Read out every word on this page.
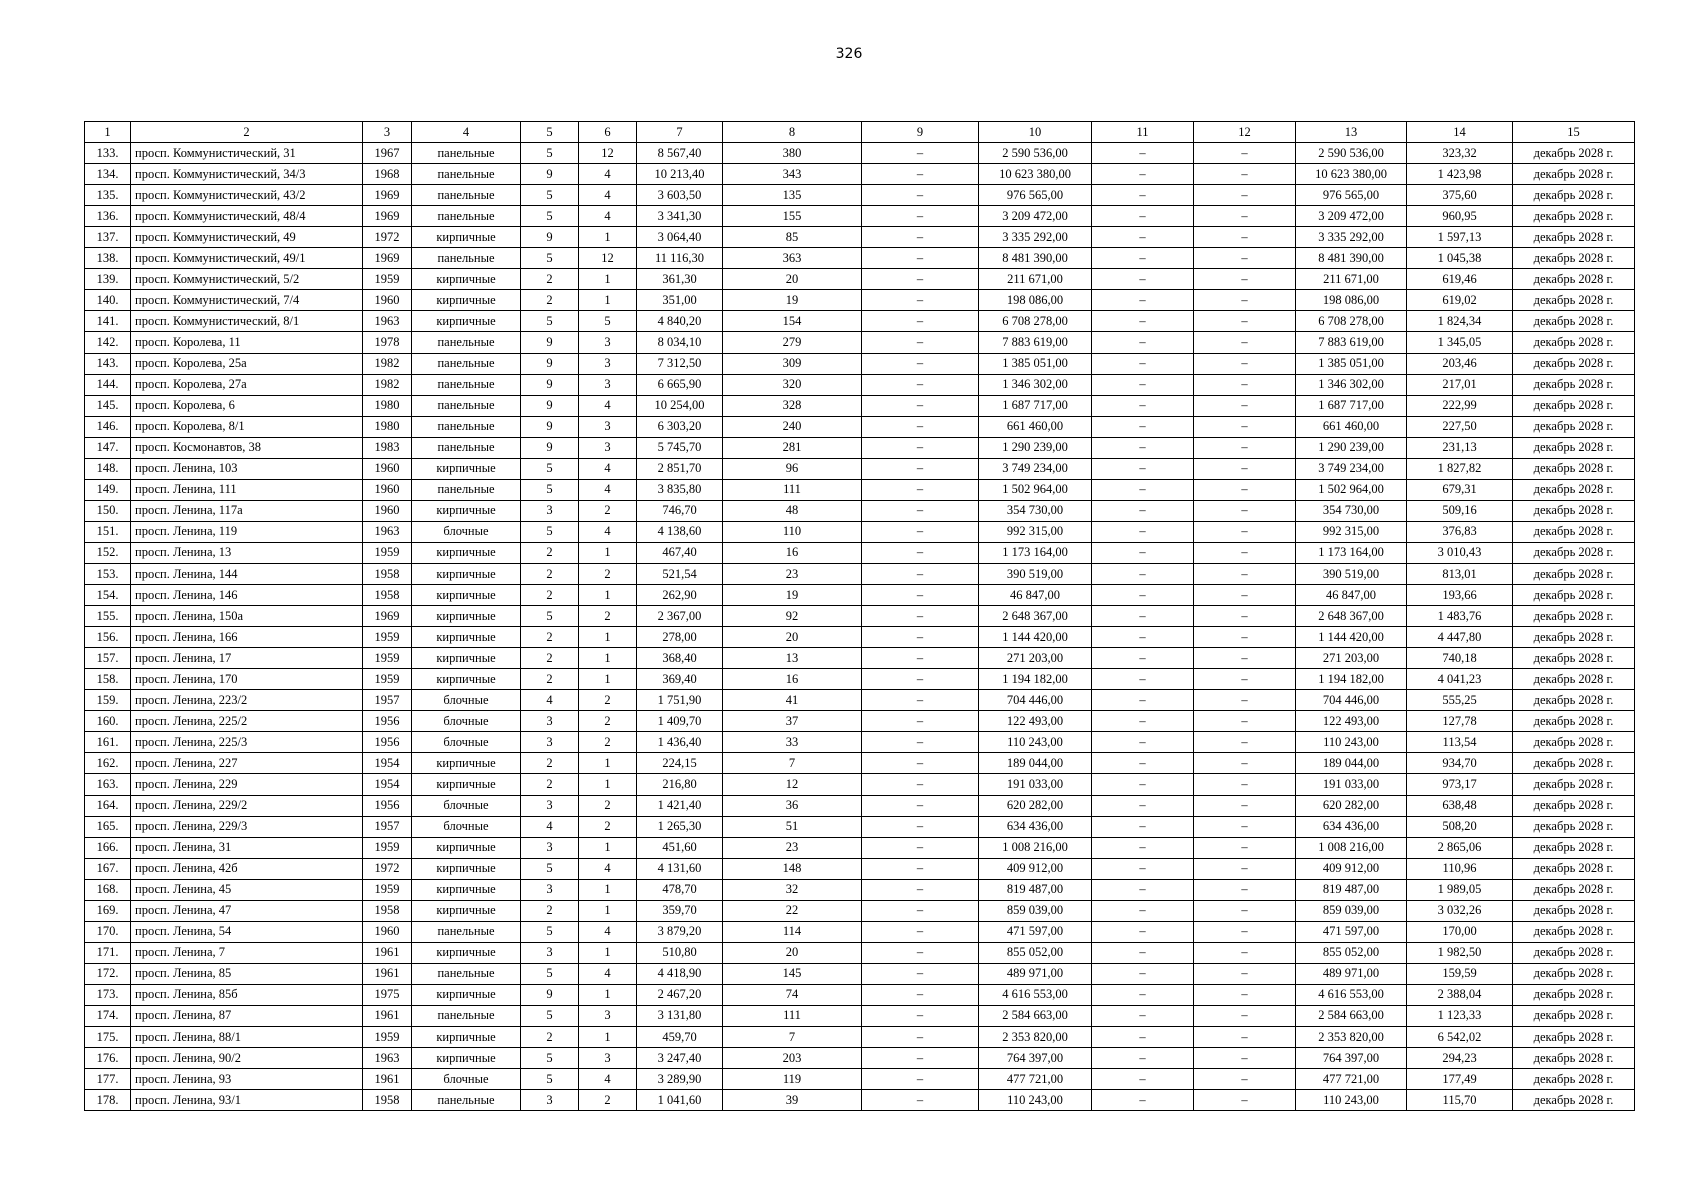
326
1	2	3	4	5	6	7	8	9	10	11	12	13	14	15
133.	просп. Коммунистический, 31	1967	панельные	5	12	8 567,40	380	–	2 590 536,00	–	–	2 590 536,00	323,32	декабрь 2028 г.
134.	просп. Коммунистический, 34/3	1968	панельные	9	4	10 213,40	343	–	10 623 380,00	–	–	10 623 380,00	1 423,98	декабрь 2028 г.
135.	просп. Коммунистический, 43/2	1969	панельные	5	4	3 603,50	135	–	976 565,00	–	–	976 565,00	375,60	декабрь 2028 г.
136.	просп. Коммунистический, 48/4	1969	панельные	5	4	3 341,30	155	–	3 209 472,00	–	–	3 209 472,00	960,95	декабрь 2028 г.
137.	просп. Коммунистический, 49	1972	кирпичные	9	1	3 064,40	85	–	3 335 292,00	–	–	3 335 292,00	1 597,13	декабрь 2028 г.
138.	просп. Коммунистический, 49/1	1969	панельные	5	12	11 116,30	363	–	8 481 390,00	–	–	8 481 390,00	1 045,38	декабрь 2028 г.
139.	просп. Коммунистический, 5/2	1959	кирпичные	2	1	361,30	20	–	211 671,00	–	–	211 671,00	619,46	декабрь 2028 г.
140.	просп. Коммунистический, 7/4	1960	кирпичные	2	1	351,00	19	–	198 086,00	–	–	198 086,00	619,02	декабрь 2028 г.
141.	просп. Коммунистический, 8/1	1963	кирпичные	5	5	4 840,20	154	–	6 708 278,00	–	–	6 708 278,00	1 824,34	декабрь 2028 г.
142.	просп. Королева, 11	1978	панельные	9	3	8 034,10	279	–	7 883 619,00	–	–	7 883 619,00	1 345,05	декабрь 2028 г.
143.	просп. Королева, 25а	1982	панельные	9	3	7 312,50	309	–	1 385 051,00	–	–	1 385 051,00	203,46	декабрь 2028 г.
144.	просп. Королева, 27а	1982	панельные	9	3	6 665,90	320	–	1 346 302,00	–	–	1 346 302,00	217,01	декабрь 2028 г.
145.	просп. Королева, 6	1980	панельные	9	4	10 254,00	328	–	1 687 717,00	–	–	1 687 717,00	222,99	декабрь 2028 г.
146.	просп. Королева, 8/1	1980	панельные	9	3	6 303,20	240	–	661 460,00	–	–	661 460,00	227,50	декабрь 2028 г.
147.	просп. Космонавтов, 38	1983	панельные	9	3	5 745,70	281	–	1 290 239,00	–	–	1 290 239,00	231,13	декабрь 2028 г.
148.	просп. Ленина, 103	1960	кирпичные	5	4	2 851,70	96	–	3 749 234,00	–	–	3 749 234,00	1 827,82	декабрь 2028 г.
149.	просп. Ленина, 111	1960	панельные	5	4	3 835,80	111	–	1 502 964,00	–	–	1 502 964,00	679,31	декабрь 2028 г.
150.	просп. Ленина, 117а	1960	кирпичные	3	2	746,70	48	–	354 730,00	–	–	354 730,00	509,16	декабрь 2028 г.
151.	просп. Ленина, 119	1963	блочные	5	4	4 138,60	110	–	992 315,00	–	–	992 315,00	376,83	декабрь 2028 г.
152.	просп. Ленина, 13	1959	кирпичные	2	1	467,40	16	–	1 173 164,00	–	–	1 173 164,00	3 010,43	декабрь 2028 г.
153.	просп. Ленина, 144	1958	кирпичные	2	2	521,54	23	–	390 519,00	–	–	390 519,00	813,01	декабрь 2028 г.
154.	просп. Ленина, 146	1958	кирпичные	2	1	262,90	19	–	46 847,00	–	–	46 847,00	193,66	декабрь 2028 г.
155.	просп. Ленина, 150а	1969	кирпичные	5	2	2 367,00	92	–	2 648 367,00	–	–	2 648 367,00	1 483,76	декабрь 2028 г.
156.	просп. Ленина, 166	1959	кирпичные	2	1	278,00	20	–	1 144 420,00	–	–	1 144 420,00	4 447,80	декабрь 2028 г.
157.	просп. Ленина, 17	1959	кирпичные	2	1	368,40	13	–	271 203,00	–	–	271 203,00	740,18	декабрь 2028 г.
158.	просп. Ленина, 170	1959	кирпичные	2	1	369,40	16	–	1 194 182,00	–	–	1 194 182,00	4 041,23	декабрь 2028 г.
159.	просп. Ленина, 223/2	1957	блочные	4	2	1 751,90	41	–	704 446,00	–	–	704 446,00	555,25	декабрь 2028 г.
160.	просп. Ленина, 225/2	1956	блочные	3	2	1 409,70	37	–	122 493,00	–	–	122 493,00	127,78	декабрь 2028 г.
161.	просп. Ленина, 225/3	1956	блочные	3	2	1 436,40	33	–	110 243,00	–	–	110 243,00	113,54	декабрь 2028 г.
162.	просп. Ленина, 227	1954	кирпичные	2	1	224,15	7	–	189 044,00	–	–	189 044,00	934,70	декабрь 2028 г.
163.	просп. Ленина, 229	1954	кирпичные	2	1	216,80	12	–	191 033,00	–	–	191 033,00	973,17	декабрь 2028 г.
164.	просп. Ленина, 229/2	1956	блочные	3	2	1 421,40	36	–	620 282,00	–	–	620 282,00	638,48	декабрь 2028 г.
165.	просп. Ленина, 229/3	1957	блочные	4	2	1 265,30	51	–	634 436,00	–	–	634 436,00	508,20	декабрь 2028 г.
166.	просп. Ленина, 31	1959	кирпичные	3	1	451,60	23	–	1 008 216,00	–	–	1 008 216,00	2 865,06	декабрь 2028 г.
167.	просп. Ленина, 42б	1972	кирпичные	5	4	4 131,60	148	–	409 912,00	–	–	409 912,00	110,96	декабрь 2028 г.
168.	просп. Ленина, 45	1959	кирпичные	3	1	478,70	32	–	819 487,00	–	–	819 487,00	1 989,05	декабрь 2028 г.
169.	просп. Ленина, 47	1958	кирпичные	2	1	359,70	22	–	859 039,00	–	–	859 039,00	3 032,26	декабрь 2028 г.
170.	просп. Ленина, 54	1960	панельные	5	4	3 879,20	114	–	471 597,00	–	–	471 597,00	170,00	декабрь 2028 г.
171.	просп. Ленина, 7	1961	кирпичные	3	1	510,80	20	–	855 052,00	–	–	855 052,00	1 982,50	декабрь 2028 г.
172.	просп. Ленина, 85	1961	панельные	5	4	4 418,90	145	–	489 971,00	–	–	489 971,00	159,59	декабрь 2028 г.
173.	просп. Ленина, 85б	1975	кирпичные	9	1	2 467,20	74	–	4 616 553,00	–	–	4 616 553,00	2 388,04	декабрь 2028 г.
174.	просп. Ленина, 87	1961	панельные	5	3	3 131,80	111	–	2 584 663,00	–	–	2 584 663,00	1 123,33	декабрь 2028 г.
175.	просп. Ленина, 88/1	1959	кирпичные	2	1	459,70	7	–	2 353 820,00	–	–	2 353 820,00	6 542,02	декабрь 2028 г.
176.	просп. Ленина, 90/2	1963	кирпичные	5	3	3 247,40	203	–	764 397,00	–	–	764 397,00	294,23	декабрь 2028 г.
177.	просп. Ленина, 93	1961	блочные	5	4	3 289,90	119	–	477 721,00	–	–	477 721,00	177,49	декабрь 2028 г.
178.	просп. Ленина, 93/1	1958	панельные	3	2	1 041,60	39	–	110 243,00	–	–	110 243,00	115,70	декабрь 2028 г.
